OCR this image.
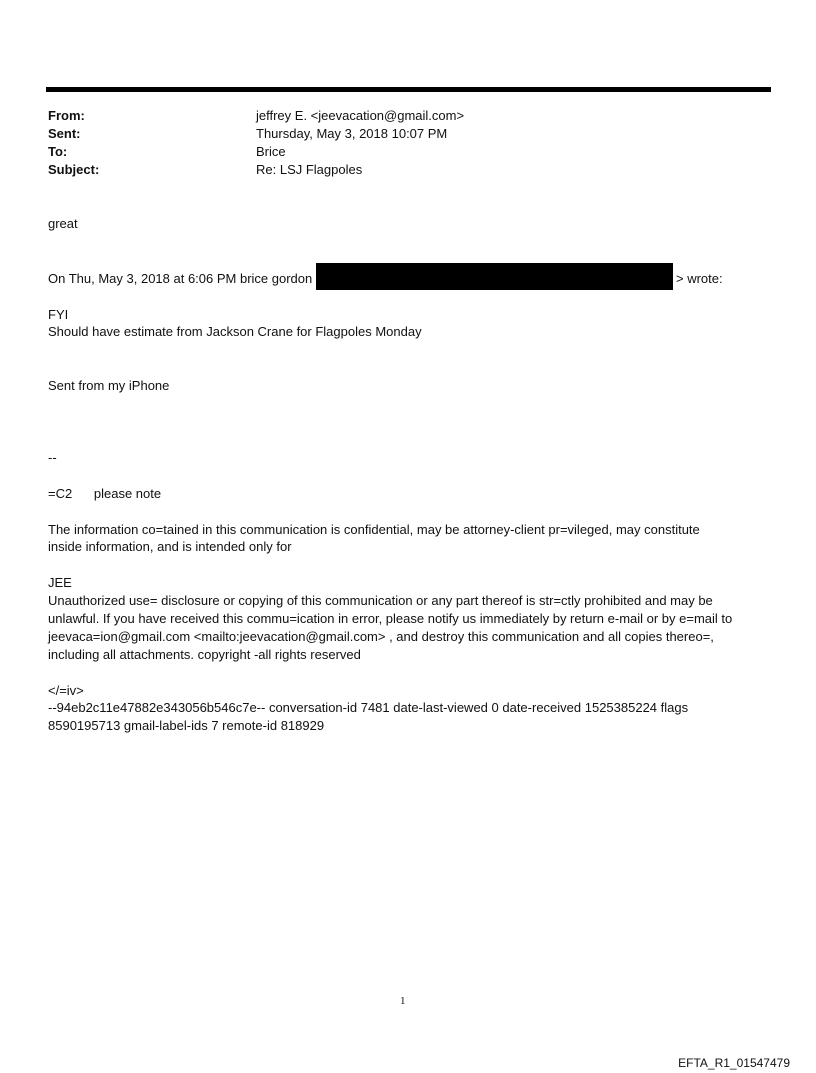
From:	jeffrey E. <jeevacation@gmail.com>
Sent:	Thursday, May 3, 2018 10:07 PM
To:	Brice
Subject:	Re: LSJ Flagpoles
great
On Thu, May 3, 2018 at 6:06 PM brice gordon	> wrote:
FYI
Should have estimate from Jackson Crane for Flagpoles Monday
Sent from my iPhone
--
=C2      please note
The information co=tained in this communication is confidential, may be attorney-client pr=vileged, may constitute
inside information, and is intended only for
JEE
Unauthorized use= disclosure or copying of this communication or any part thereof is str=ctly prohibited and may be
unlawful. If you have received this commu=ication in error, please notify us immediately by return e-mail or by e=mail to
jeevaca=ion@gmail.com <mailto:jeevacation@gmail.com> , and destroy this communication and all copies thereo=,
including all attachments. copyright -all rights reserved
</=iv>
--94eb2c11e47882e343056b546c7e-- conversation-id 7481 date-last-viewed 0 date-received 1525385224 flags
8590195713 gmail-label-ids 7 remote-id 818929
1
EFTA_R1_01547479
